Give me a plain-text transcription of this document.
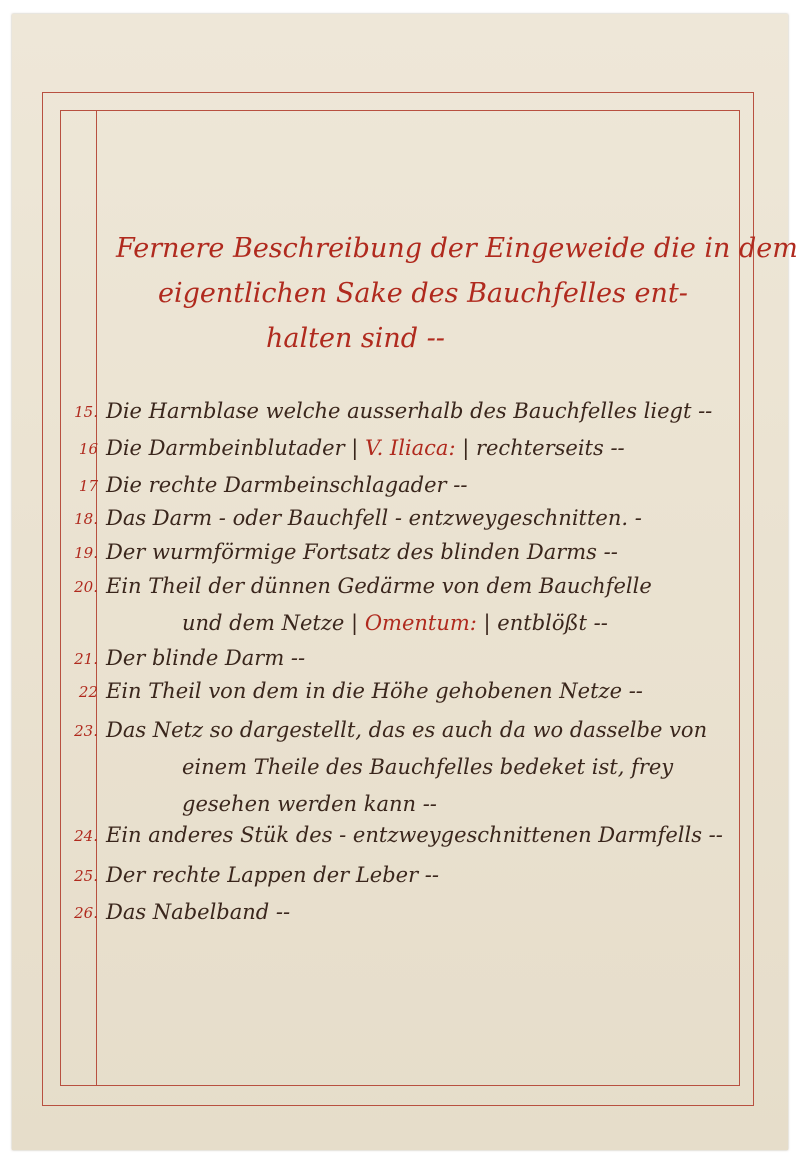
Fernere Beschreibung der Eingeweide die in dem
eigentlichen Sake des Bauchfelles ent-
halten sind --
15. Die Harnblase welche ausserhalb des Bauchfelles liegt --
16 Die Darmbeinblutader | V. Iliaca: | rechterseits --
17 Die rechte Darmbeinschlagader --
18. Das Darm - oder Bauchfell - entzweygeschnitten. -
19. Der wurmförmige Fortsatz des blinden Darms --
20. Ein Theil der dünnen Gedärme von dem Bauchfelle
und dem Netze | Omentum: | entblößt --
21. Der blinde Darm --
22 Ein Theil von dem in die Höhe gehobenen Netze --
23. Das Netz so dargestellt, das es auch da wo dasselbe von
einem Theile des Bauchfelles bedeket ist, frey
gesehen werden kann --
24. Ein anderes Stük des - entzweygeschnittenen Darmfells --
25. Der rechte Lappen der Leber --
26. Das Nabelband --
